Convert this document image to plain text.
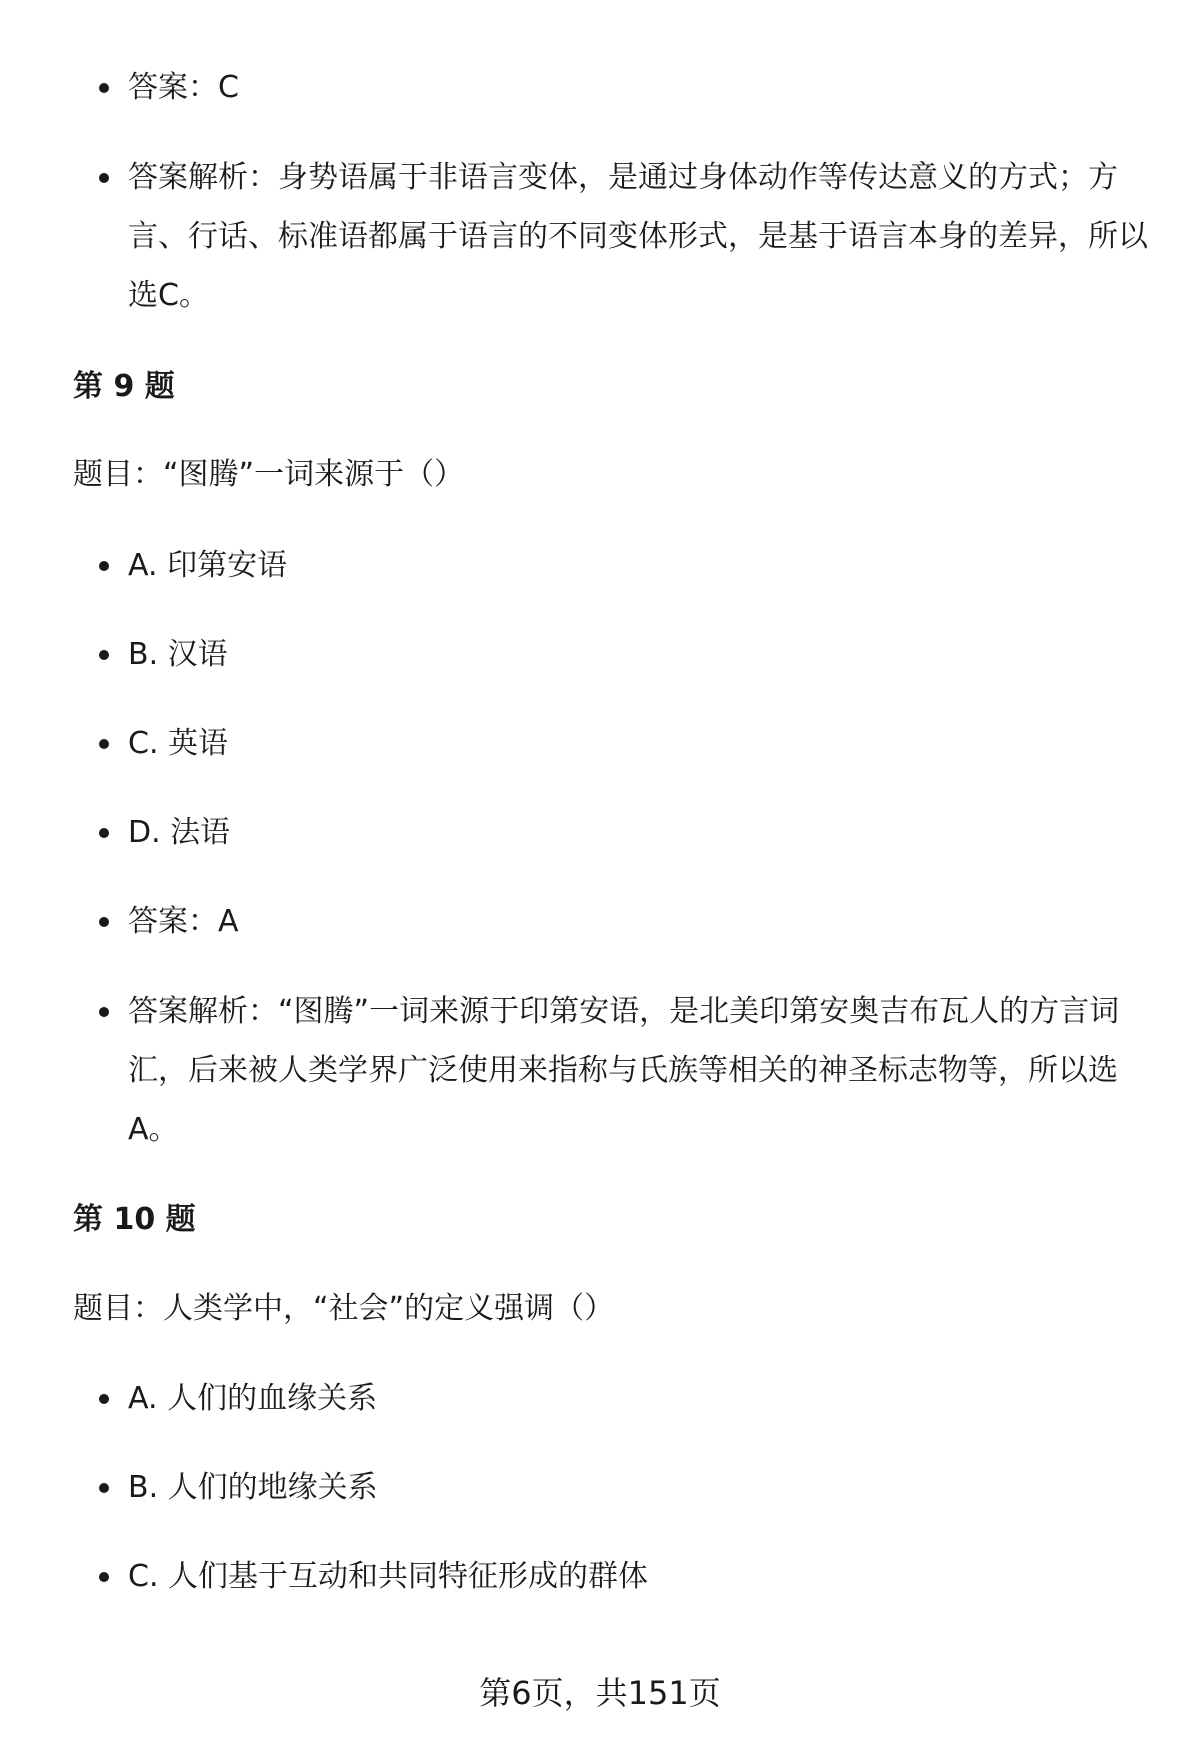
答案：C
答案解析：身势语属于非语言变体，是通过身体动作等传达意义的方式；方言、行话、标准语都属于语言的不同变体形式，是基于语言本身的差异，所以选C。
第 9 题
题目：“图腾”一词来源于（）
A. 印第安语
B. 汉语
C. 英语
D. 法语
答案：A
答案解析：“图腾”一词来源于印第安语，是北美印第安奥吉布瓦人的方言词汇，后来被人类学界广泛使用来指称与氏族等相关的神圣标志物等，所以选A。
第 10 题
题目：人类学中，“社会”的定义强调（）
A. 人们的血缘关系
B. 人们的地缘关系
C. 人们基于互动和共同特征形成的群体
第6页，共151页
